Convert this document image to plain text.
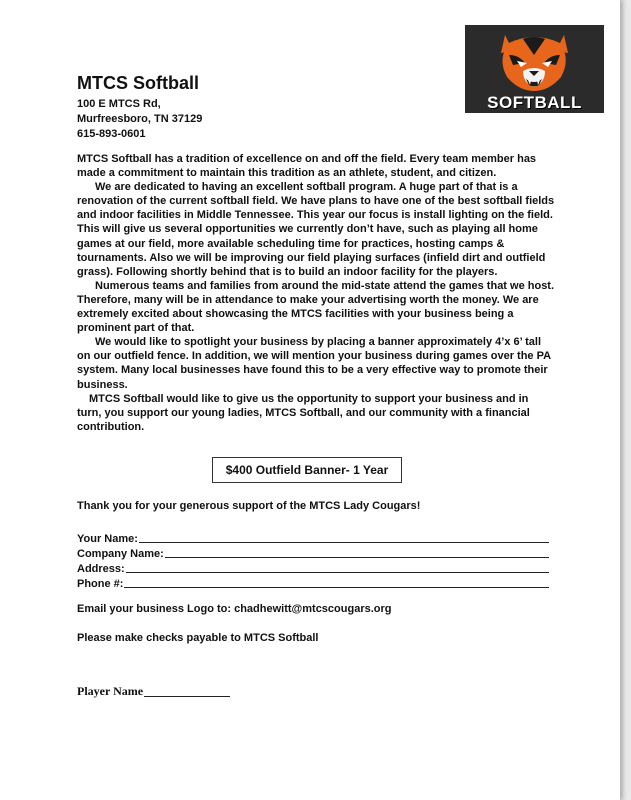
SOFTBALL
MTCS Softball
100 E MTCS Rd,
Murfreesboro, TN 37129
615-893-0601

MTCS Softball has a tradition of excellence on and off the field. Every team member has made a commitment to maintain this tradition as an athlete, student, and citizen.

We are dedicated to having an excellent softball program. A huge part of that is a renovation of the current softball field. We have plans to have one of the best softball fields and indoor facilities in Middle Tennessee. This year our focus is install lighting on the field. This will give us several opportunities we currently don’t have, such as playing all home games at our field, more available scheduling time for practices, hosting camps & tournaments. Also we will be improving our field playing surfaces (infield dirt and outfield grass). Following shortly behind that is to build an indoor facility for the players.

Numerous teams and families from around the mid-state attend the games that we host. Therefore, many will be in attendance to make your advertising worth the money. We are extremely excited about showcasing the MTCS facilities with your business being a prominent part of that.

We would like to spotlight your business by placing a banner approximately 4’x 6’ tall on our outfield fence. In addition, we will mention your business during games over the PA system. Many local businesses have found this to be a very effective way to promote their business.

MTCS Softball would like to give us the opportunity to support your business and in turn, you support our young ladies, MTCS Softball, and our community with a financial contribution.

$400 Outfield Banner- 1 Year
Thank you for your generous support of the MTCS Lady Cougars!
Your Name:
Company Name:
Address:
Phone #:
Email your business Logo to: chadhewitt@mtcscougars.org
Please make checks payable to MTCS Softball
Player Name
